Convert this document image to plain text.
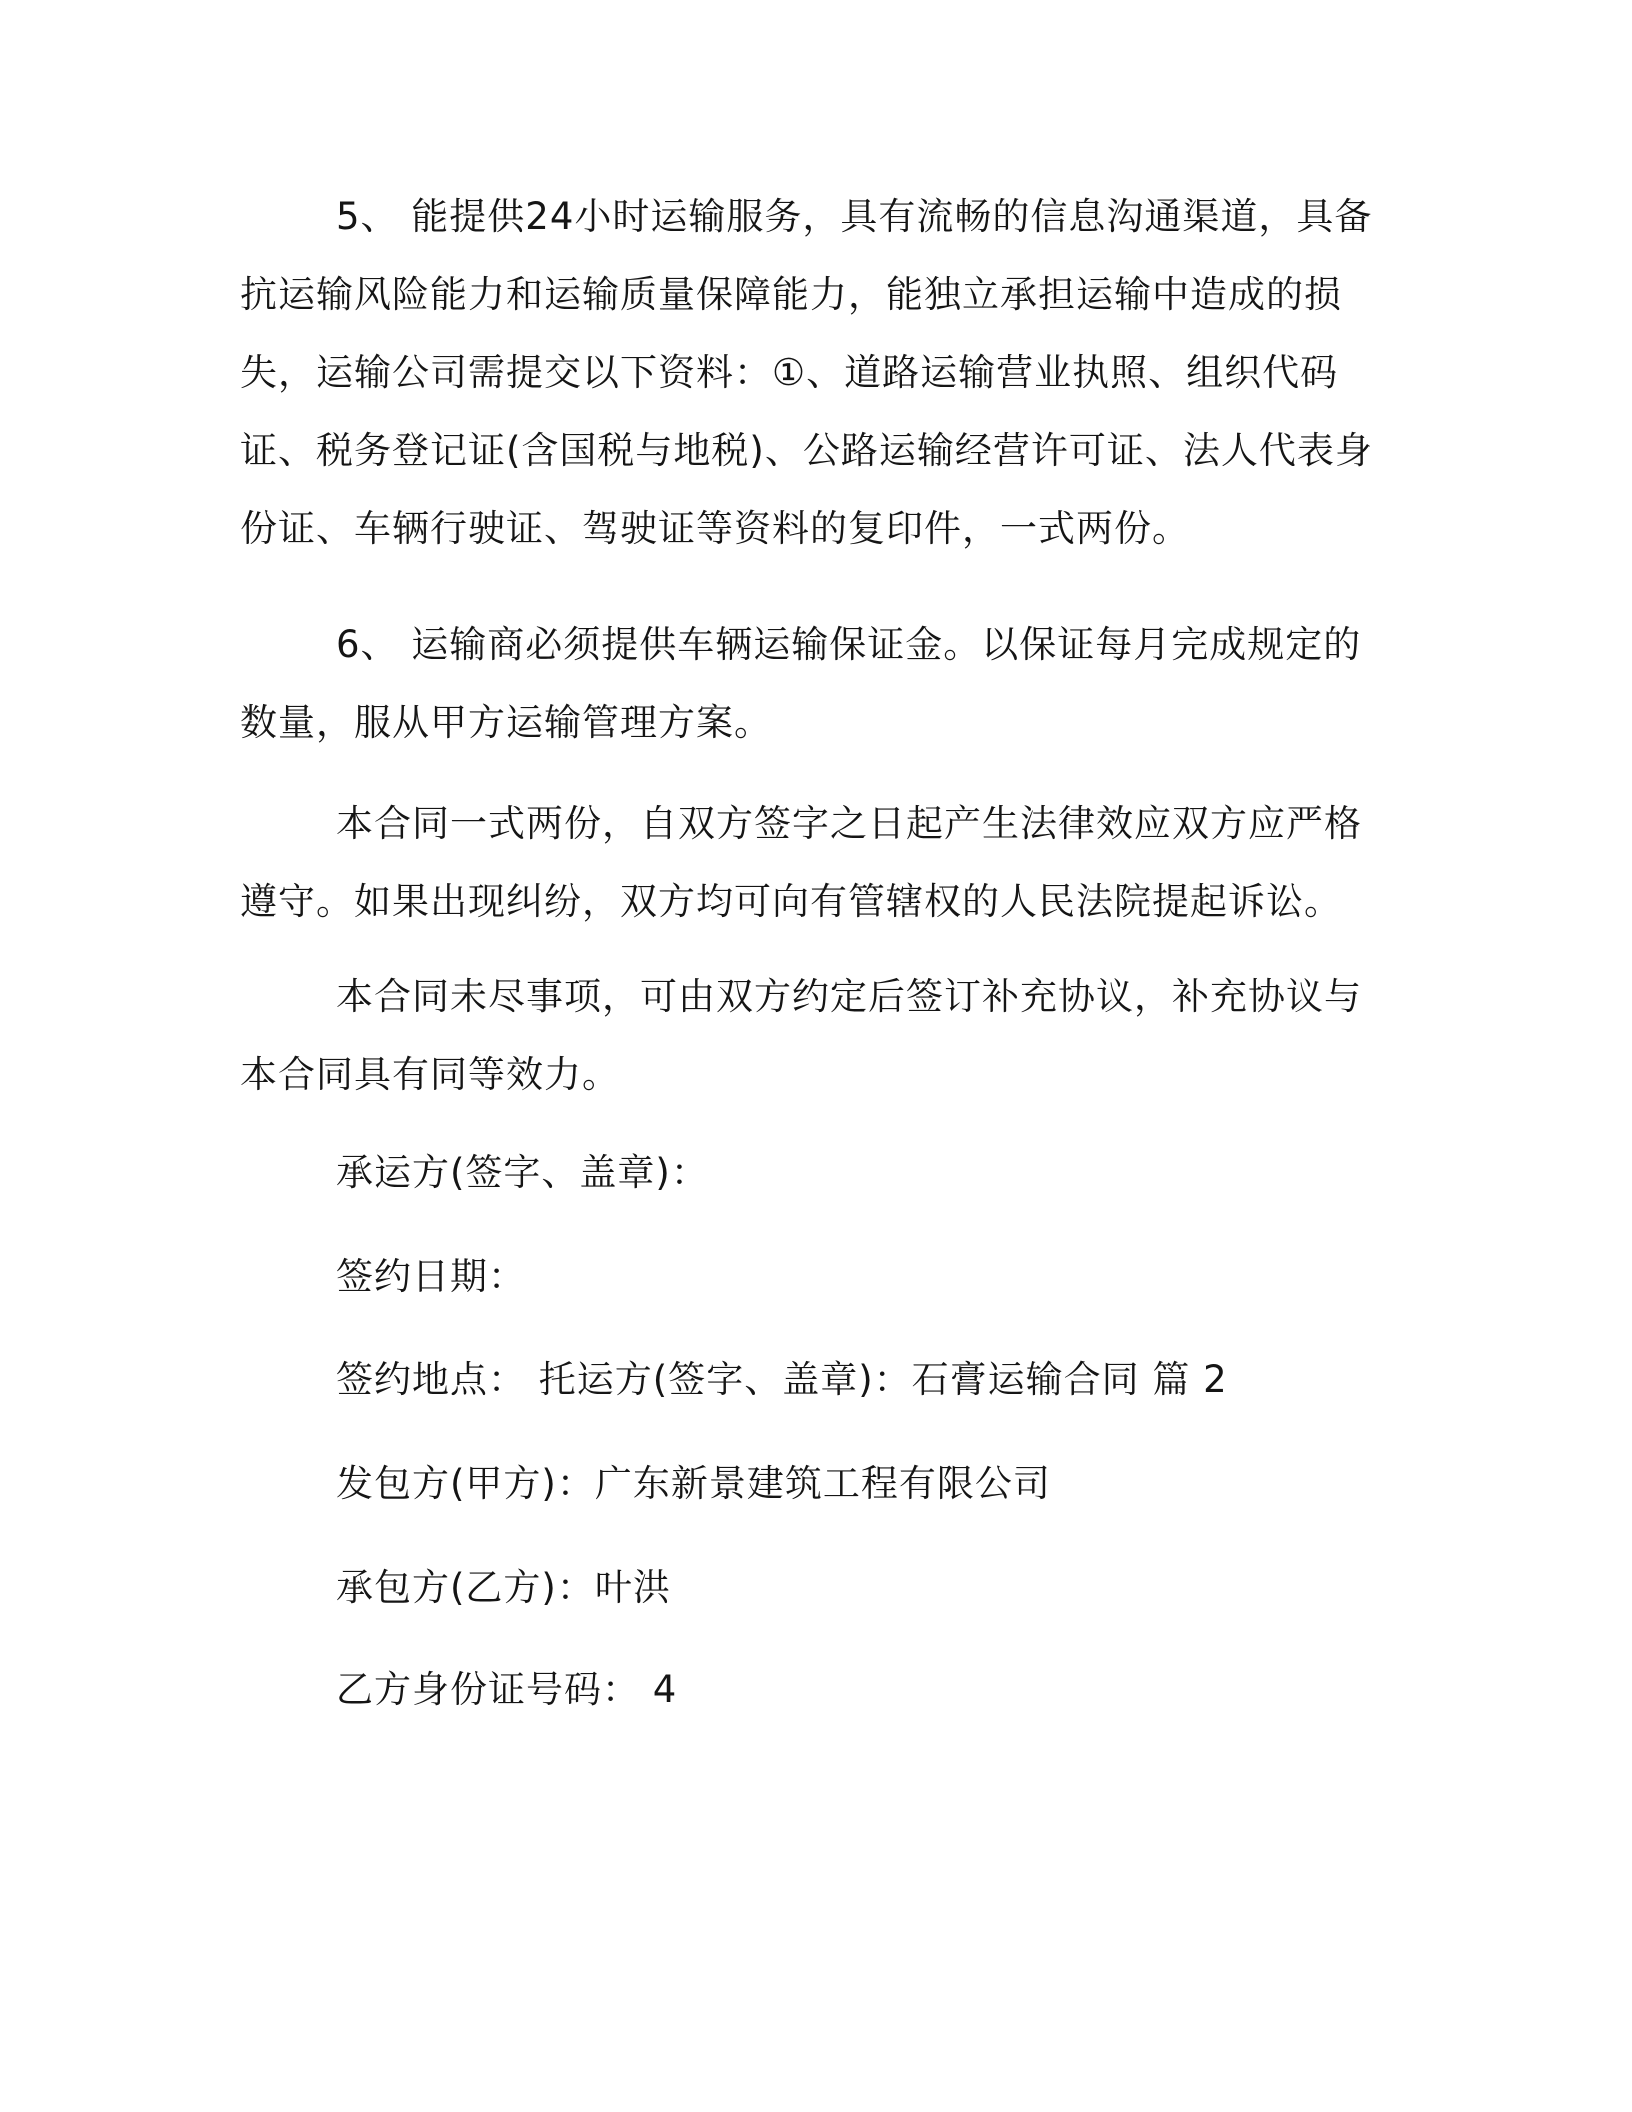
5、 能提供24小时运输服务，具有流畅的信息沟通渠道，具备抗运输风险能力和运输质量保障能力，能独立承担运输中造成的损失，运输公司需提交以下资料：①、道路运输营业执照、组织代码证、税务登记证(含国税与地税)、公路运输经营许可证、法人代表身份证、车辆行驶证、驾驶证等资料的复印件，一式两份。

6、 运输商必须提供车辆运输保证金。以保证每月完成规定的数量，服从甲方运输管理方案。

本合同一式两份，自双方签字之日起产生法律效应双方应严格遵守。如果出现纠纷，双方均可向有管辖权的人民法院提起诉讼。

本合同未尽事项，可由双方约定后签订补充协议，补充协议与本合同具有同等效力。

承运方(签字、盖章)：

签约日期：

签约地点： 托运方(签字、盖章)：石膏运输合同 篇 2

发包方(甲方)：广东新景建筑工程有限公司

承包方(乙方)：叶洪

乙方身份证号码： 4
